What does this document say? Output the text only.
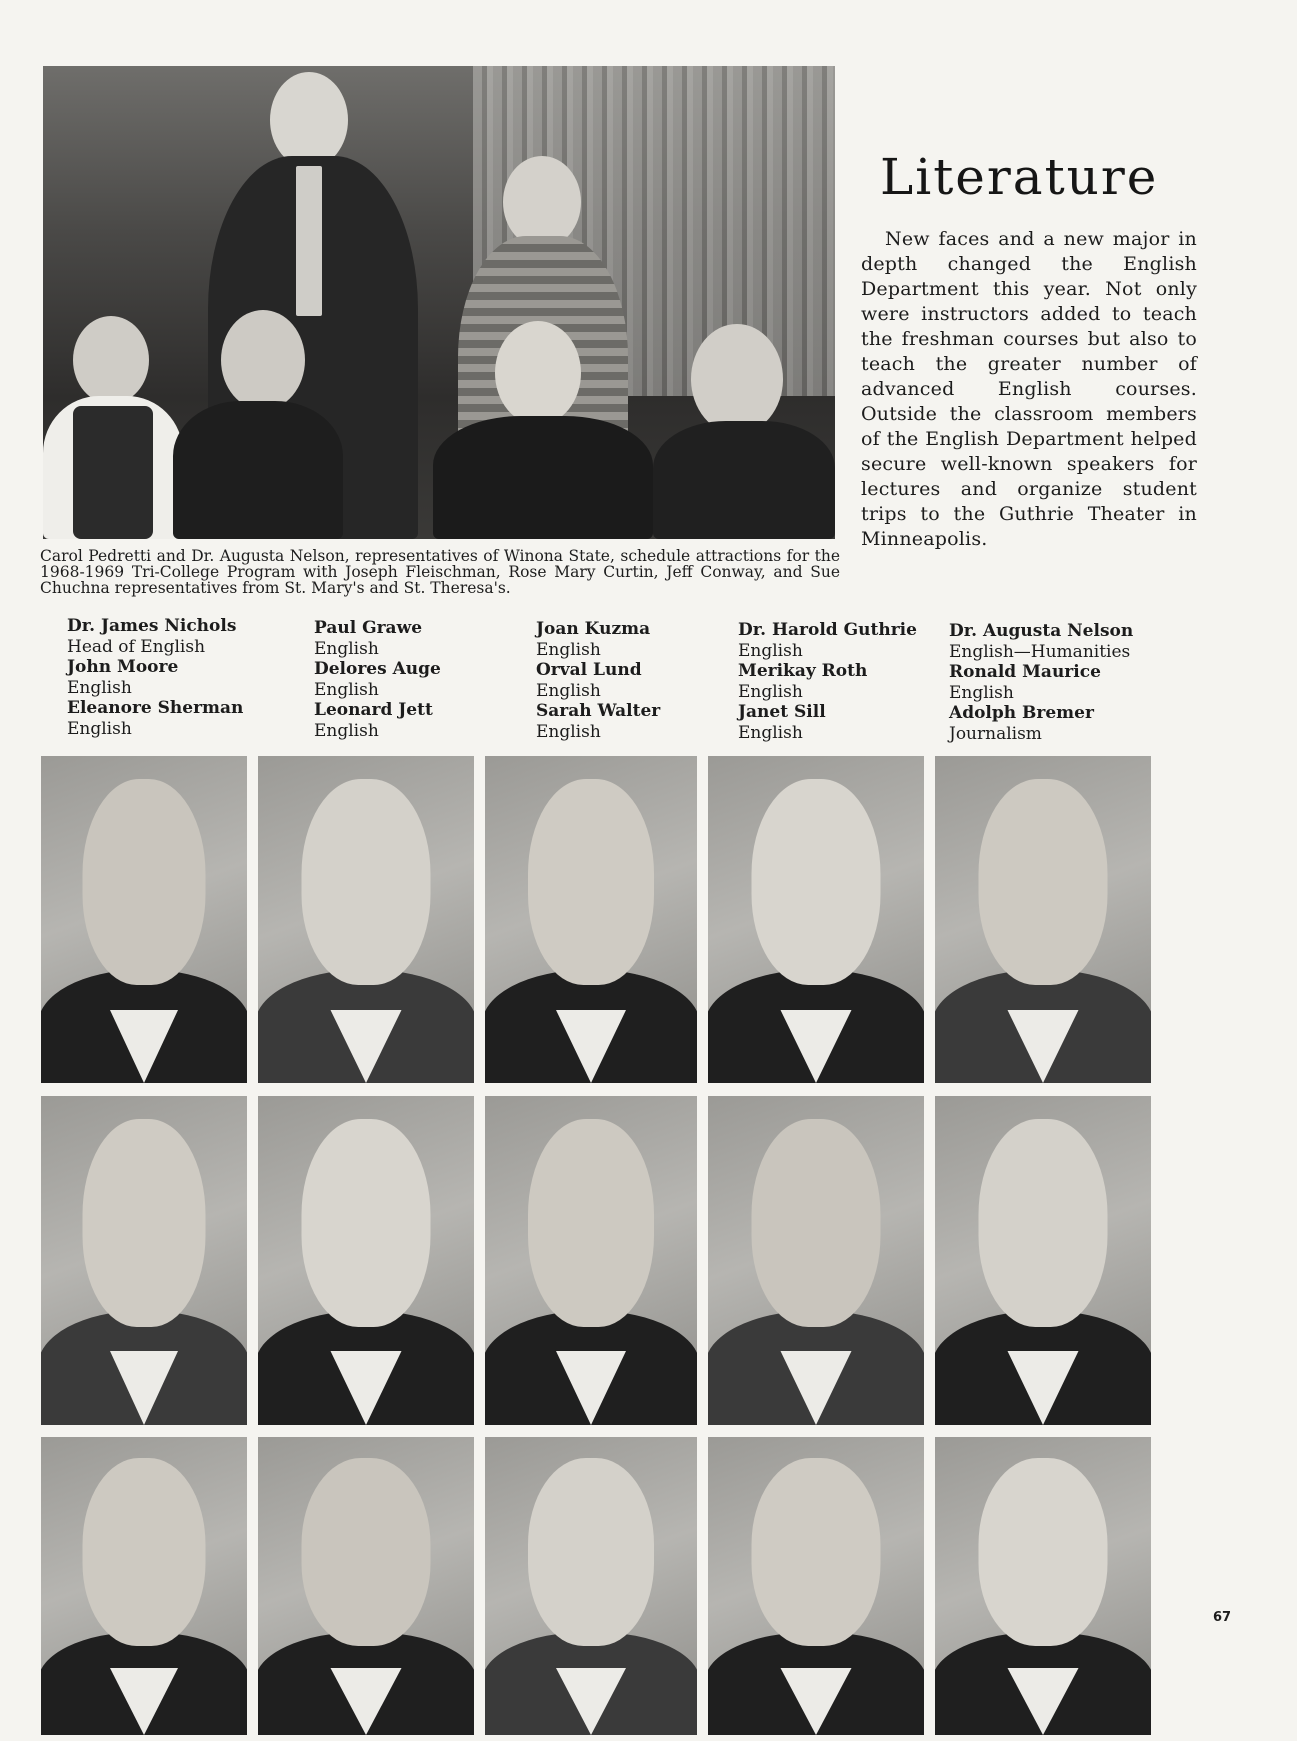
Carol Pedretti and Dr. Augusta Nelson, representatives of Winona State, schedule attractions for the 1968-1969 Tri-College Program with Joseph Fleischman, Rose Mary Curtin, Jeff Conway, and Sue Chuchna representatives from St. Mary's and St. Theresa's.
Literature
New faces and a new major in depth changed the English Department this year. Not only were instructors added to teach the freshman courses but also to teach the greater number of advanced English courses. Outside the classroom members of the English Department helped secure well-known speakers for lectures and organize student trips to the Guthrie Theater in Minneapolis.
Dr. James Nichols
Head of English
John Moore
English
Eleanore Sherman
English
Paul Grawe
English
Delores Auge
English
Leonard Jett
English
Joan Kuzma
English
Orval Lund
English
Sarah Walter
English
Dr. Harold Guthrie
English
Merikay Roth
English
Janet Sill
English
Dr. Augusta Nelson
English—Humanities
Ronald Maurice
English
Adolph Bremer
Journalism
67
